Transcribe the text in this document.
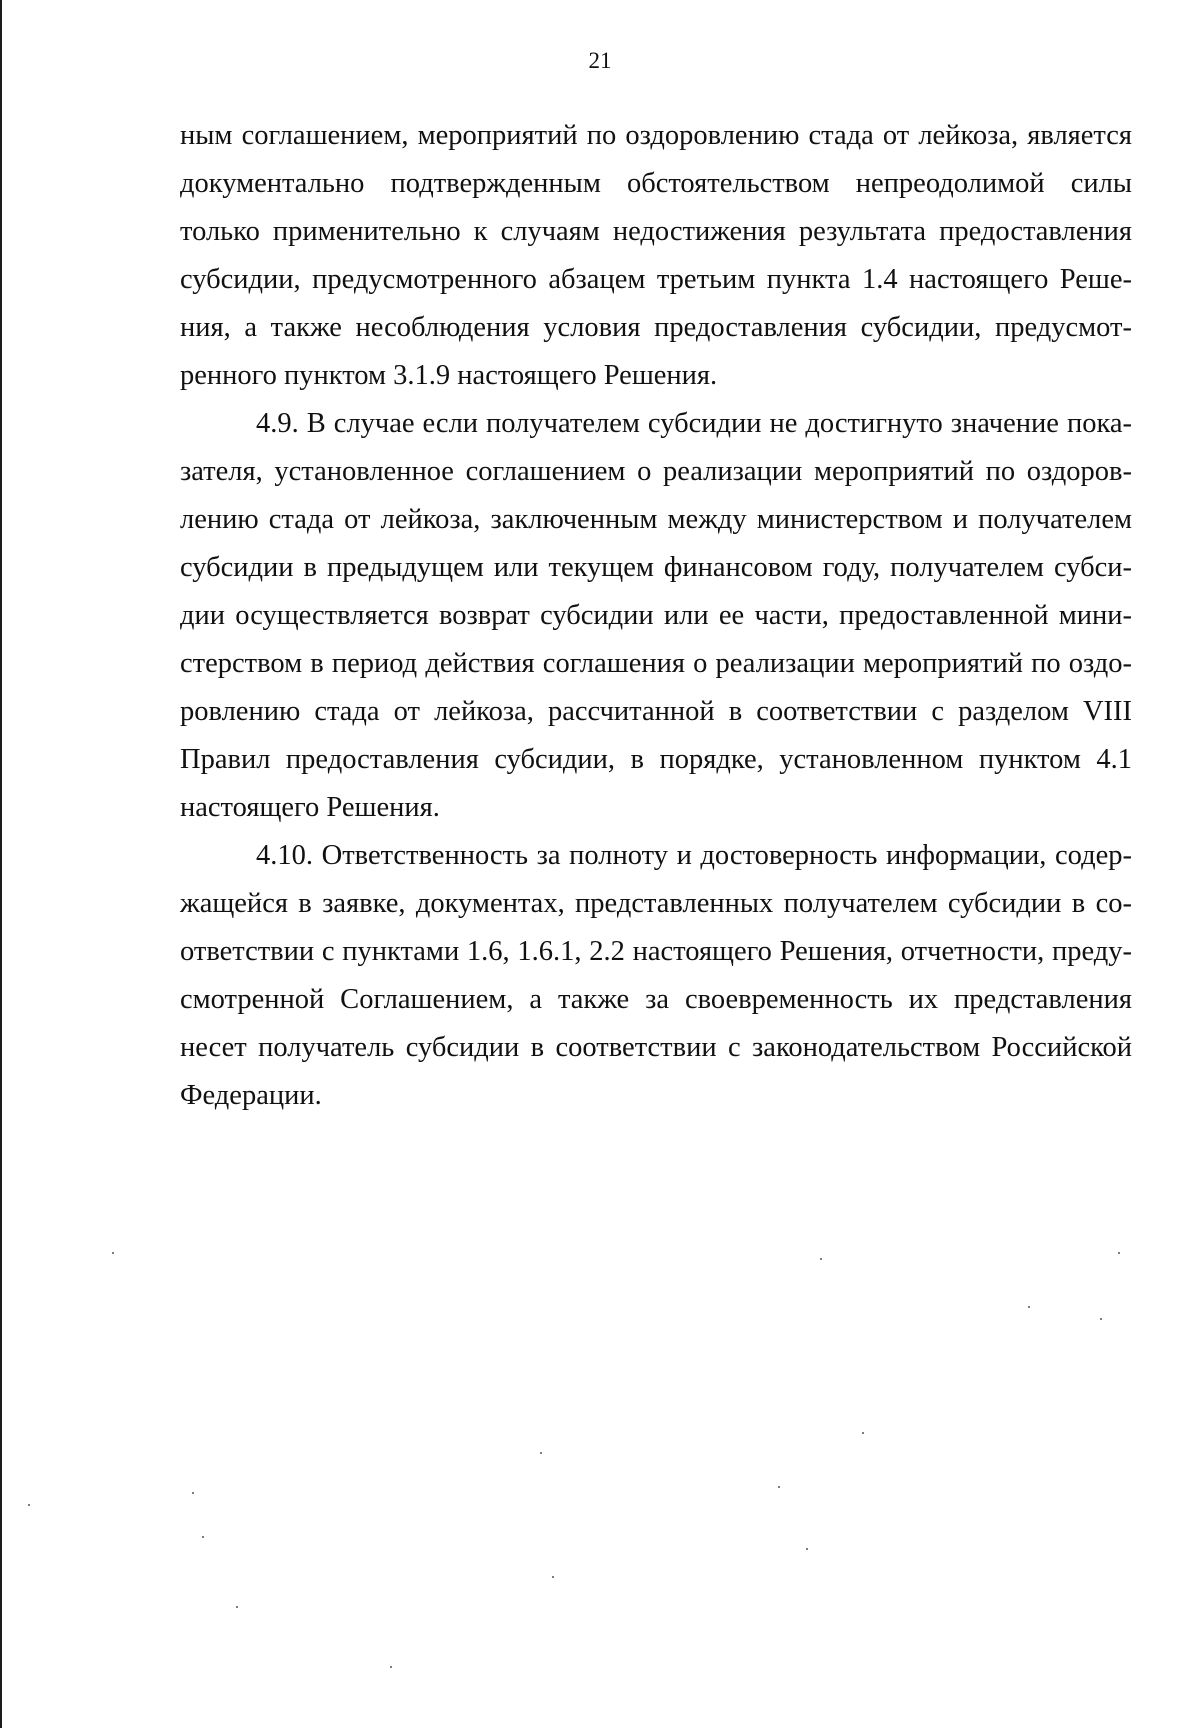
21
ным соглашением, мероприятий по оздоровлению стада от лейкоза, является
документально подтвержденным обстоятельством непреодолимой силы
только применительно к случаям недостижения результата предоставления
субсидии, предусмотренного абзацем третьим пункта 1.4 настоящего Реше-
ния, а также несоблюдения условия предоставления субсидии, предусмот-
ренного пунктом 3.1.9 настоящего Решения.
4.9. В случае если получателем субсидии не достигнуто значение пока-
зателя, установленное соглашением о реализации мероприятий по оздоров-
лению стада от лейкоза, заключенным между министерством и получателем
субсидии в предыдущем или текущем финансовом году, получателем субси-
дии осуществляется возврат субсидии или ее части, предоставленной мини-
стерством в период действия соглашения о реализации мероприятий по оздо-
ровлению стада от лейкоза, рассчитанной в соответствии с разделом VIII
Правил предоставления субсидии, в порядке, установленном пунктом 4.1
настоящего Решения.
4.10. Ответственность за полноту и достоверность информации, содер-
жащейся в заявке, документах, представленных получателем субсидии в со-
ответствии с пунктами 1.6, 1.6.1, 2.2 настоящего Решения, отчетности, преду-
смотренной Соглашением, а также за своевременность их представления
несет получатель субсидии в соответствии с законодательством Российской
Федерации.
